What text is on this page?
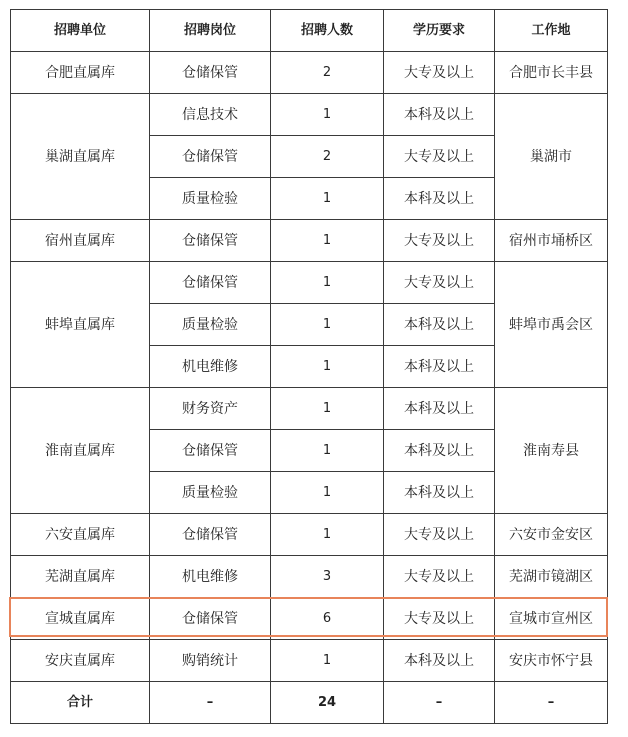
招聘单位	招聘岗位	招聘人数	学历要求	工作地
合肥直属库	仓储保管	2	大专及以上	合肥市长丰县
巢湖直属库	信息技术	1	本科及以上	巢湖市
	仓储保管	2	大专及以上	
	质量检验	1	本科及以上	
宿州直属库	仓储保管	1	大专及以上	宿州市埇桥区
蚌埠直属库	仓储保管	1	大专及以上	蚌埠市禹会区
	质量检验	1	本科及以上	
	机电维修	1	本科及以上	
淮南直属库	财务资产	1	本科及以上	淮南寿县
	仓储保管	1	本科及以上	
	质量检验	1	本科及以上	
六安直属库	仓储保管	1	大专及以上	六安市金安区
芜湖直属库	机电维修	3	大专及以上	芜湖市镜湖区
宣城直属库	仓储保管	6	大专及以上	宣城市宣州区
安庆直属库	购销统计	1	本科及以上	安庆市怀宁县
合计	–	24	–	–
